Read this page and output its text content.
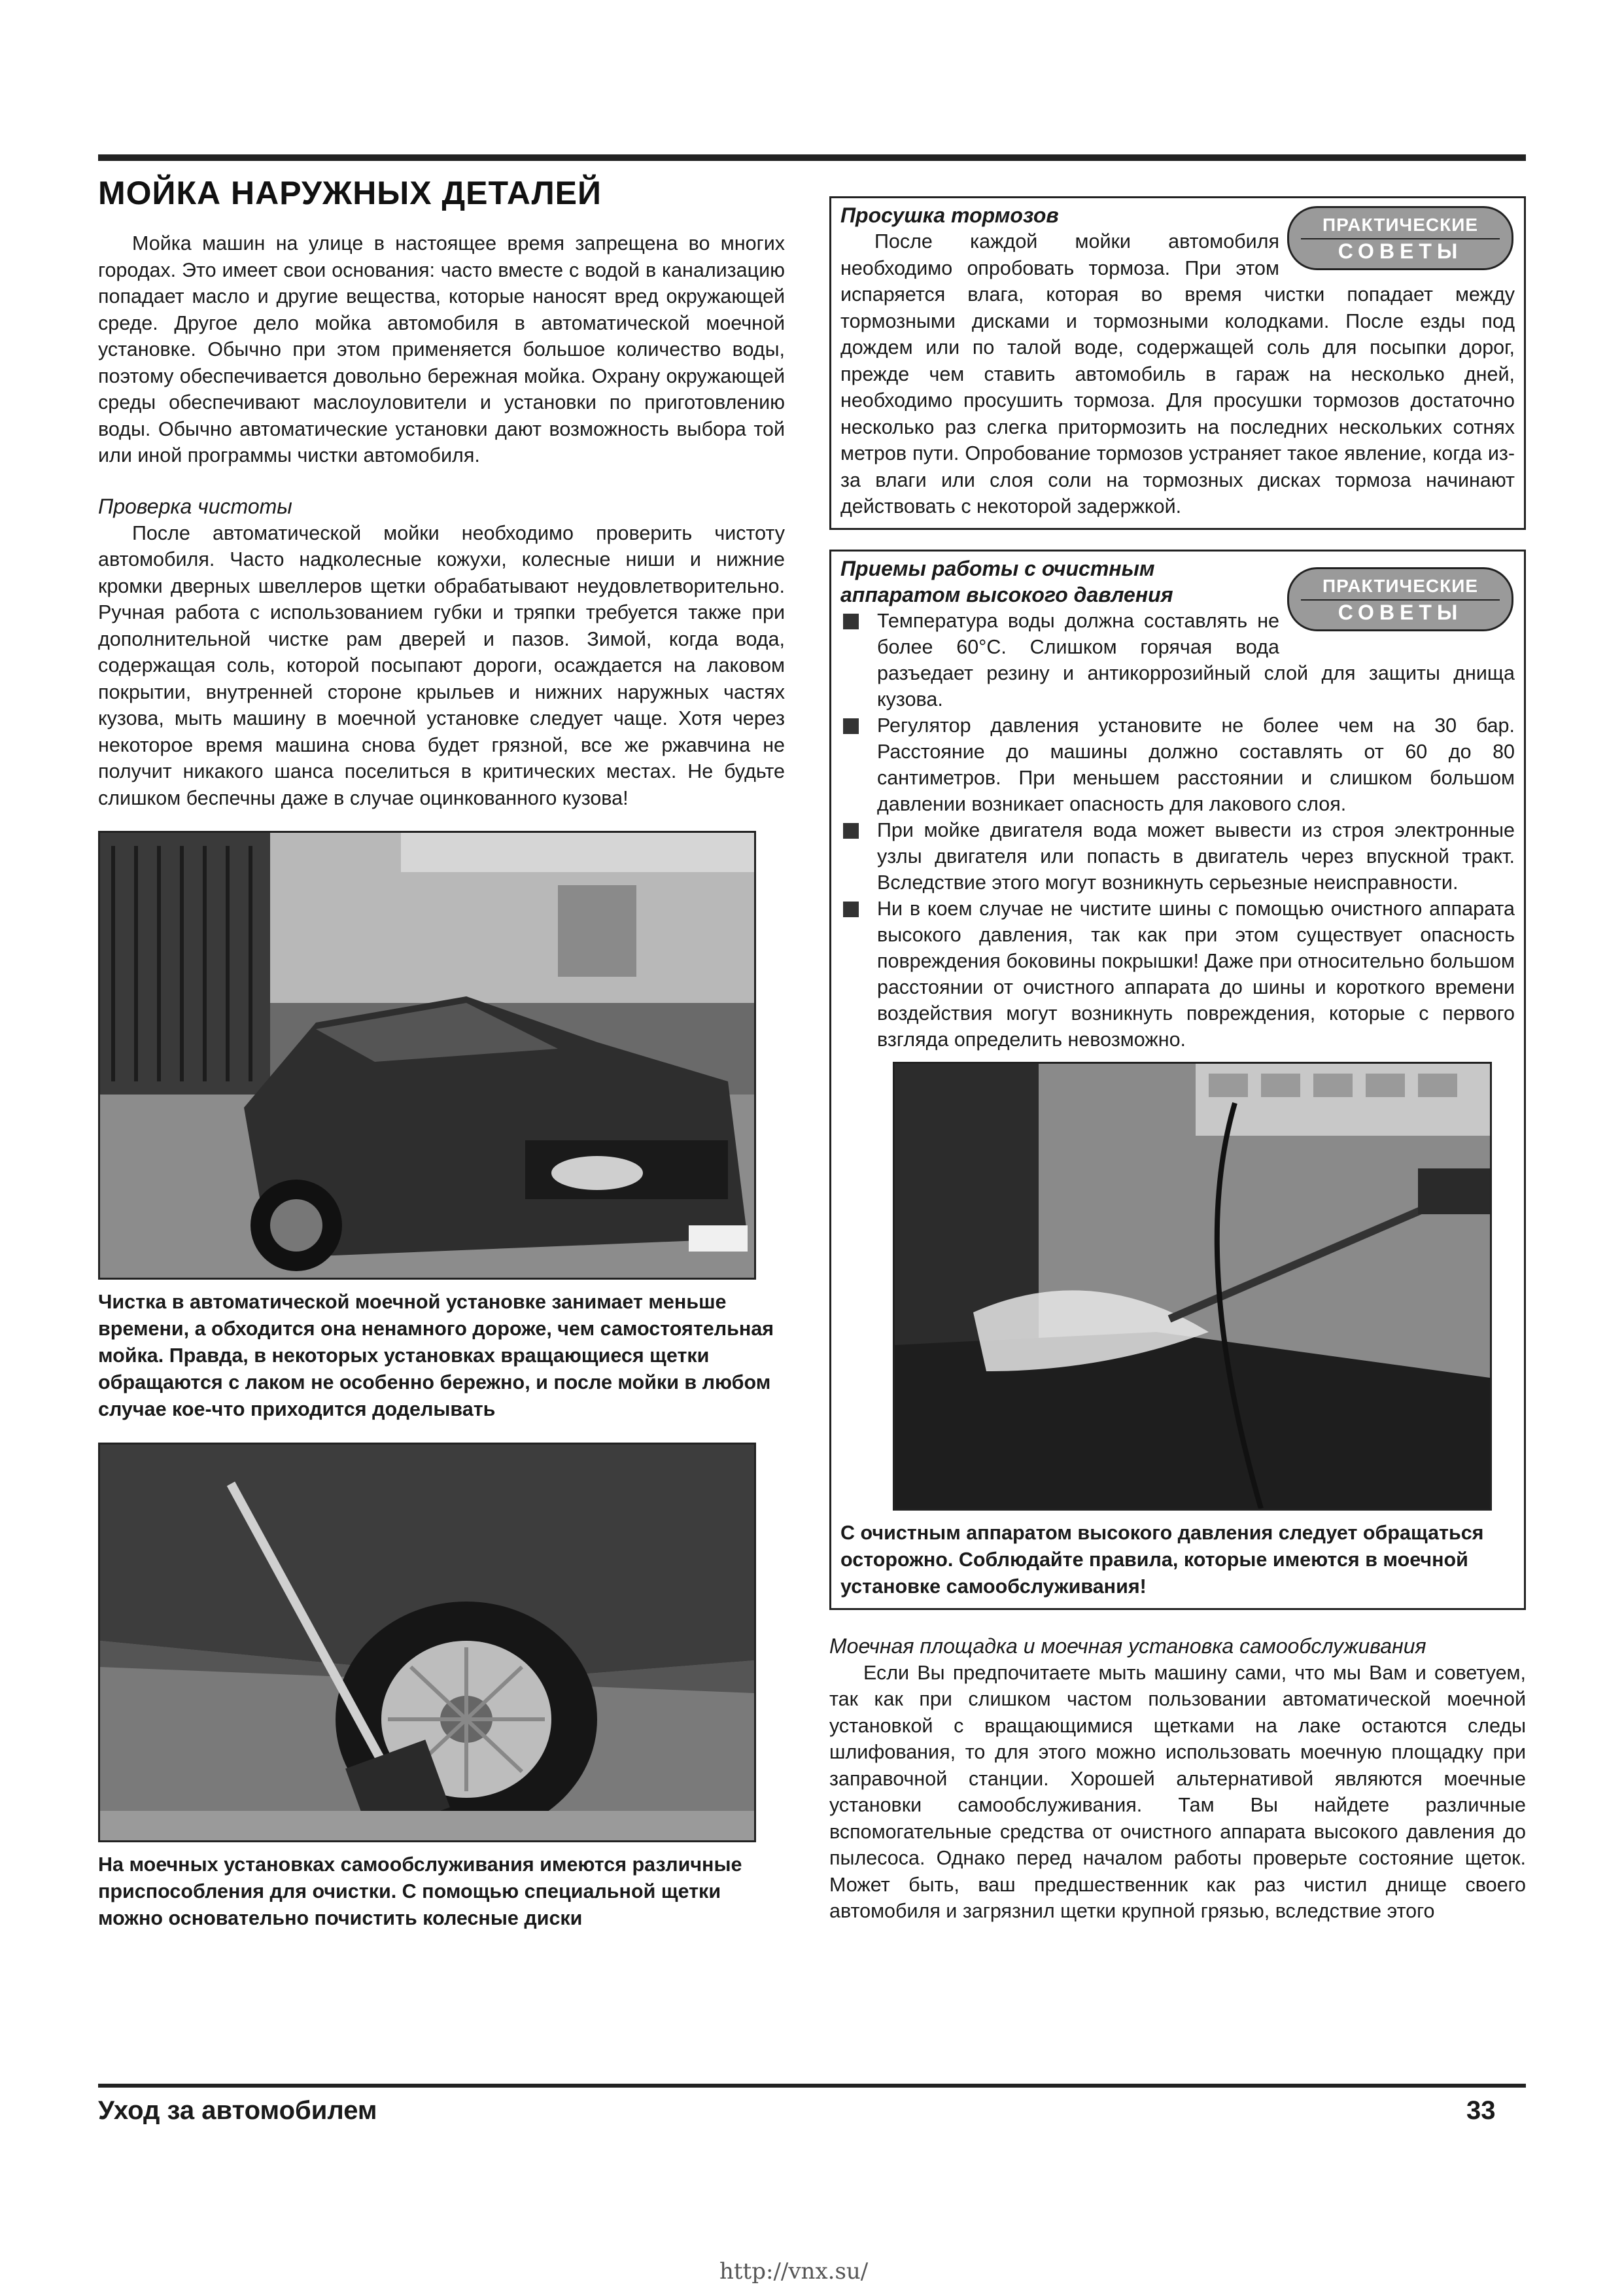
МОЙКА НАРУЖНЫХ ДЕТАЛЕЙ

Мойка машин на улице в настоящее время запрещена во многих городах. Это имеет свои основания: часто вместе с водой в канализацию попадает масло и другие вещества, которые наносят вред окружающей среде. Другое дело мойка автомобиля в автоматической моечной установке. Обычно при этом применяется большое количество воды, поэтому обеспечивается довольно бережная мойка. Охрану окружающей среды обеспечивают маслоуловители и установки по приготовлению воды. Обычно автоматические установки дают возможность выбора той или иной программы чистки автомобиля.

Проверка чистоты

После автоматической мойки необходимо проверить чистоту автомобиля. Часто надколесные кожухи, колесные ниши и нижние кромки дверных швеллеров щетки обрабатывают неудовлетворительно. Ручная работа с использованием губки и тряпки требуется также при дополнительной чистке рам дверей и пазов. Зимой, когда вода, содержащая соль, которой посыпают дороги, осаждается на лаковом покрытии, внутренней стороне крыльев и нижних наружных частях кузова, мыть машину в моечной установке следует чаще. Хотя через некоторое время машина снова будет грязной, все же ржавчина не получит никакого шанса поселиться в критических местах. Не будьте слишком беспечны даже в случае оцинкованного кузова!

Чистка в автоматической моечной установке занимает меньше времени, а обходится она ненамного дороже, чем самостоятельная мойка. Правда, в некоторых установках вращающиеся щетки обращаются с лаком не особенно бережно, и после мойки в любом случае кое-что приходится доделывать

На моечных установках самообслуживания имеются различные приспособления для очистки. С помощью специальной щетки можно основательно почистить колесные диски

ПРАКТИЧЕСКИЕ
СОВЕТЫ
Просушка тормозов

После каждой мойки автомобиля необходимо опробовать тормоза. При этом испаряется влага, которая во время чистки попадает между тормозными дисками и тормозными колодками. После езды под дождем или по талой воде, содержащей соль для посыпки дорог, прежде чем ставить автомобиль в гараж на несколько дней, необходимо просушить тормоза. Для просушки тормозов достаточно несколько раз слегка притормозить на последних нескольких сотнях метров пути. Опробование тормозов устраняет такое явление, когда из-за влаги или слоя соли на тормозных дисках тормоза начинают действовать с некоторой задержкой.

ПРАКТИЧЕСКИЕ
СОВЕТЫ
Приемы работы с очистным
аппаратом высокого давления
Температура воды должна составлять не более 60°С. Слишком горячая вода разъедает резину и антикоррозийный слой для защиты днища кузова.
Регулятор давления установите не более чем на 30 бар. Расстояние до машины должно составлять от 60 до 80 сантиметров. При меньшем расстоянии и слишком большом давлении возникает опасность для лакового слоя.
При мойке двигателя вода может вывести из строя электронные узлы двигателя или попасть в двигатель через впускной тракт. Вследствие этого могут возникнуть серьезные неисправности.
Ни в коем случае не чистите шины с помощью очистного аппарата высокого давления, так как при этом существует опасность повреждения боковины покрышки! Даже при относительно большом расстоянии от очистного аппарата до шины и короткого времени воздействия могут возникнуть повреждения, которые с первого взгляда определить невозможно.

С очистным аппаратом высокого давления следует обращаться осторожно. Соблюдайте правила, которые имеются в моечной установке самообслуживания!

Моечная площадка и моечная установка самообслуживания

Если Вы предпочитаете мыть машину сами, что мы Вам и советуем, так как при слишком частом пользовании автоматической моечной установкой с вращающимися щетками на лаке остаются следы шлифования, то для этого можно использовать моечную площадку при заправочной станции. Хорошей альтернативой являются моечные установки самообслуживания. Там Вы найдете различные вспомогательные средства от очистного аппарата высокого давления до пылесоса. Однако перед началом работы проверьте состояние щеток. Может быть, ваш предшественник как раз чистил днище своего автомобиля и загрязнил щетки крупной грязью, вследствие этого

Уход за автомобилем	33
http://vnx.su/
